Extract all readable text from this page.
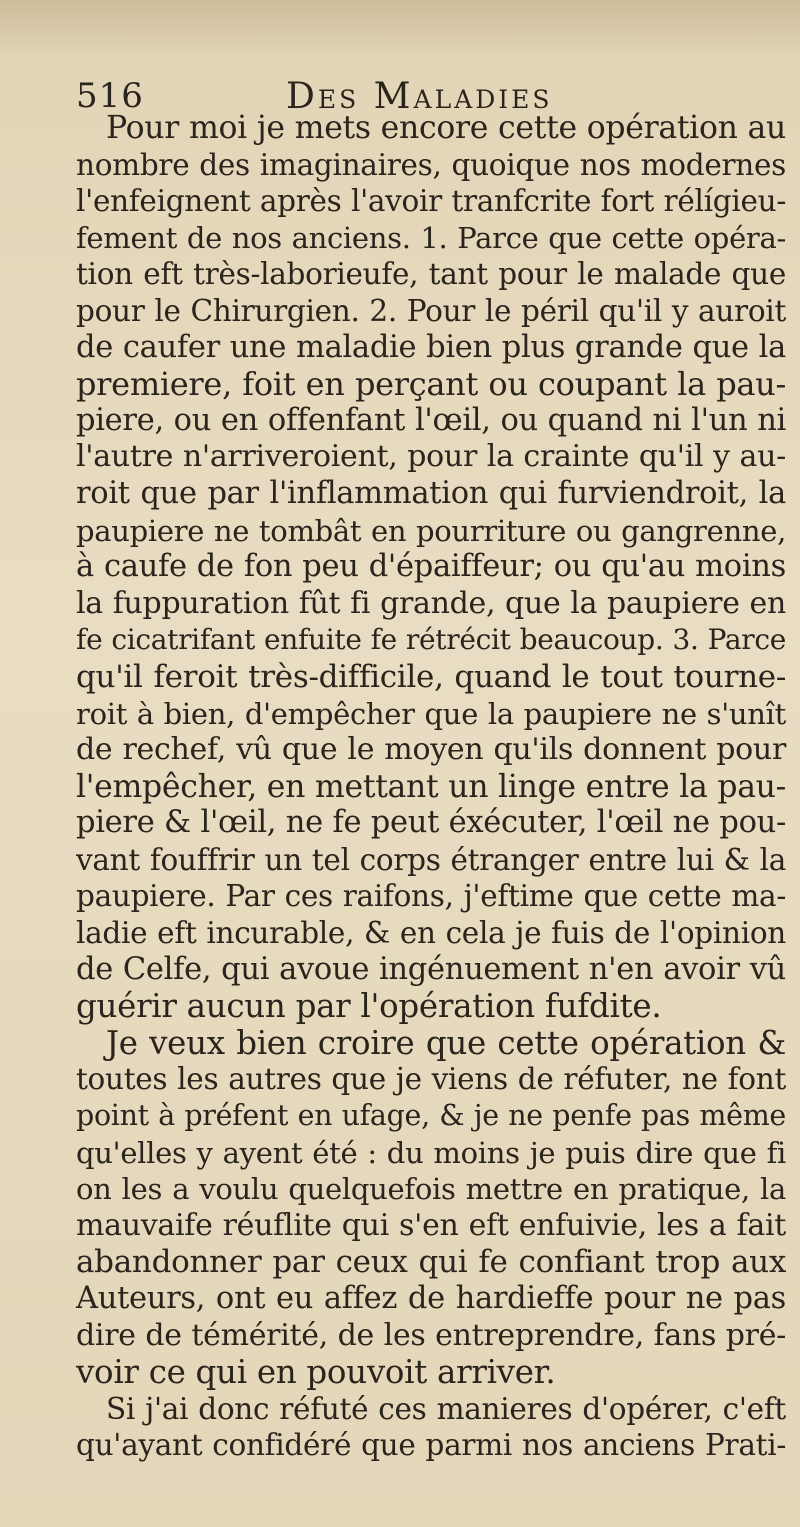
516	Des Maladies
Pour moi je mets encore cette opération au
nombre des imaginaires, quoique nos modernes
l'enfeignent après l'avoir tranfcrite fort rélígieu-
fement de nos anciens. 1. Parce que cette opéra-
tion eft très-laborieufe, tant pour le malade que
pour le Chirurgien. 2. Pour le péril qu'il y auroit
de caufer une maladie bien plus grande que la
premiere, foit en perçant ou coupant la pau-
piere, ou en offenfant l'œil, ou quand ni l'un ni
l'autre n'arriveroient, pour la crainte qu'il y au-
roit que par l'inflammation qui furviendroit, la
paupiere ne tombât en pourriture ou gangrenne,
à caufe de fon peu d'épaiffeur; ou qu'au moins
la fuppuration fût fi grande, que la paupiere en
fe cicatrifant enfuite fe rétrécit beaucoup. 3. Parce
qu'il feroit très-difficile, quand le tout tourne-
roit à bien, d'empêcher que la paupiere ne s'unît
de rechef, vû que le moyen qu'ils donnent pour
l'empêcher, en mettant un linge entre la pau-
piere & l'œil, ne fe peut éxécuter, l'œil ne pou-
vant fouffrir un tel corps étranger entre lui & la
paupiere. Par ces raifons, j'eftime que cette ma-
ladie eft incurable, & en cela je fuis de l'opinion
de Celfe, qui avoue ingénuement n'en avoir vû
guérir aucun par l'opération fufdite.
Je veux bien croire que cette opération &
toutes les autres que je viens de réfuter, ne font
point à préfent en ufage, & je ne penfe pas même
qu'elles y ayent été : du moins je puis dire que fi
on les a voulu quelquefois mettre en pratique, la
mauvaife réuflite qui s'en eft enfuivie, les a fait
abandonner par ceux qui fe confiant trop aux
Auteurs, ont eu affez de hardieffe pour ne pas
dire de témérité, de les entreprendre, fans pré-
voir ce qui en pouvoit arriver.
Si j'ai donc réfuté ces manieres d'opérer, c'eft
qu'ayant confidéré que parmi nos anciens Prati-
